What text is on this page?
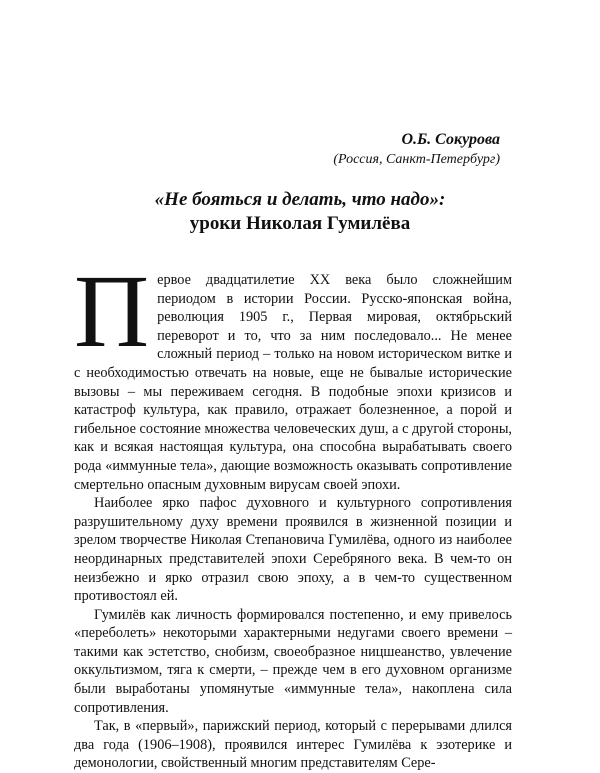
О.Б. Сокурова
(Россия, Санкт-Петербург)
«Не бояться и делать, что надо»:
уроки Николая Гумилёва

Первое двадцатилетие XX века было сложнейшим периодом в истории России. Русско-японская война, революция 1905 г., Первая мировая, октябрьский переворот и то, что за ним последовало... Не менее сложный период – только на новом историческом витке и с необходимостью отвечать на новые, еще не бывалые исторические вызовы – мы переживаем сегодня. В подобные эпохи кризисов и катастроф культура, как правило, отражает болезненное, а порой и гибельное состояние множества человеческих душ, а с другой стороны, как и всякая настоящая культура, она способна вырабатывать своего рода «иммунные тела», дающие возможность оказывать сопротивление смертельно опасным духовным вирусам своей эпохи.

Наиболее ярко пафос духовного и культурного сопротивления разрушительному духу времени проявился в жизненной позиции и зрелом творчестве Николая Степановича Гумилёва, одного из наиболее неординарных представителей эпохи Серебряного века. В чем-то он неизбежно и ярко отразил свою эпоху, а в чем-то существенном противостоял ей.

Гумилёв как личность формировался постепенно, и ему привелось «переболеть» некоторыми характерными недугами своего времени – такими как эстетство, снобизм, своеобразное ницшеанство, увлечение оккультизмом, тяга к смерти, – прежде чем в его духовном организме были выработаны упомянутые «иммунные тела», накоплена сила сопротивления.

Так, в «первый», парижский период, который с перерывами длился два года (1906–1908), проявился интерес Гумилёва к эзотерике и демонологии, свойственный многим представителям Сере-
